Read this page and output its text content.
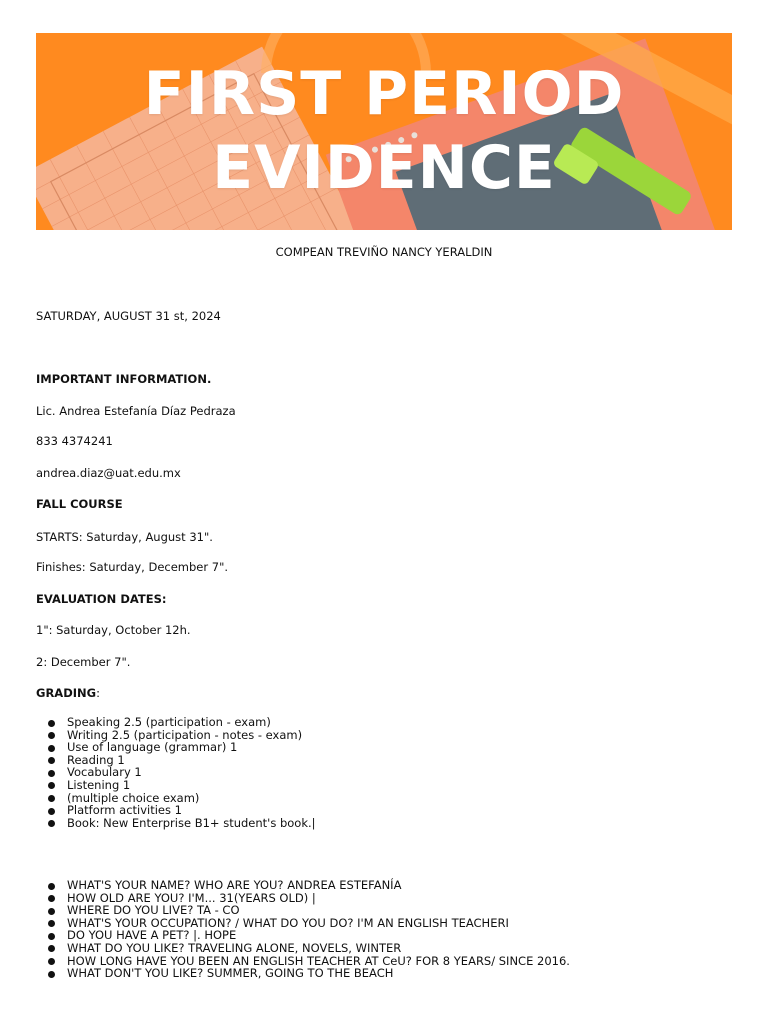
FIRST PERIOD
EVIDENCE
COMPEAN TREVIÑO NANCY YERALDIN
SATURDAY, AUGUST 31 st, 2024
IMPORTANT INFORMATION.
Lic. Andrea Estefanía Díaz Pedraza
833 4374241
andrea.diaz@uat.edu.mx
FALL COURSE
STARTS: Saturday, August 31".
Finishes: Saturday, December 7".
EVALUATION DATES:
1": Saturday, October 12h.
2: December 7".
GRADING:
Speaking 2.5 (participation - exam)
Writing 2.5 (participation - notes - exam)
Use of language (grammar) 1
Reading 1
Vocabulary 1
Listening 1
(multiple choice exam)
Platform activities 1
Book: New Enterprise B1+ student's book.|
WHAT'S YOUR NAME? WHO ARE YOU? ANDREA ESTEFANÍA
HOW OLD ARE YOU? I'M... 31(YEARS OLD) |
WHERE DO YOU LIVE? TA - CO
WHAT'S YOUR OCCUPATION? / WHAT DO YOU DO? I'M AN ENGLISH TEACHERI
DO YOU HAVE A PET? |. HOPE
WHAT DO YOU LIKE? TRAVELING ALONE, NOVELS, WINTER
HOW LONG HAVE YOU BEEN AN ENGLISH TEACHER AT CeU? FOR 8 YEARS/ SINCE 2016.
WHAT DON'T YOU LIKE? SUMMER, GOING TO THE BEACH
